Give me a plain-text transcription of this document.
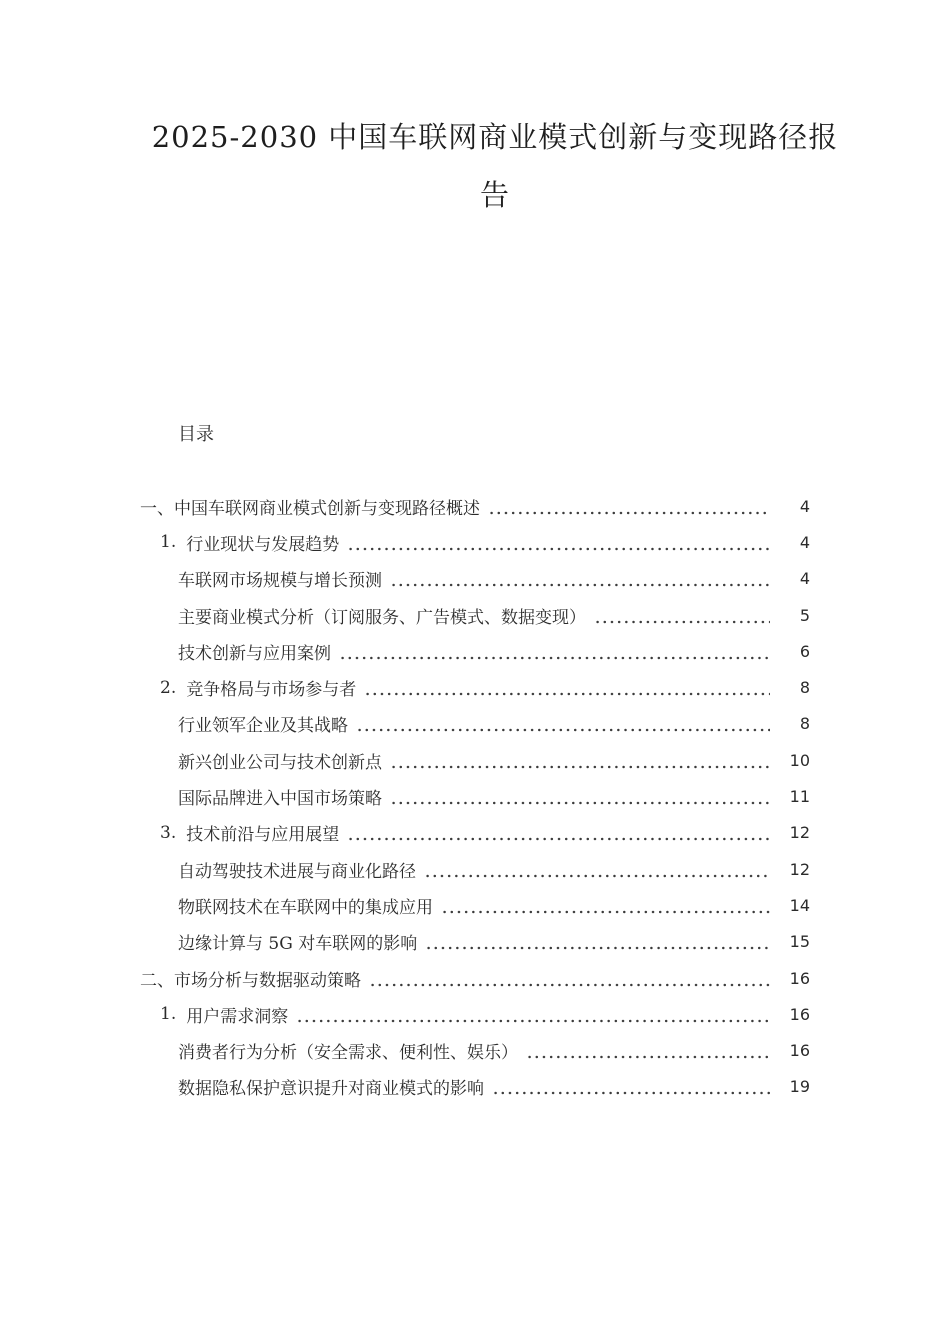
2025-2030 中国车联网商业模式创新与变现路径报
告
目录
一、 中国车联网商业模式创新与变现路径概述	4
1. 行业现状与发展趋势	4
车联网市场规模与增长预测	4
主要商业模式分析（订阅服务、广告模式、数据变现）	5
技术创新与应用案例	6
2. 竞争格局与市场参与者	8
行业领军企业及其战略	8
新兴创业公司与技术创新点	10
国际品牌进入中国市场策略	11
3. 技术前沿与应用展望	12
自动驾驶技术进展与商业化路径	12
物联网技术在车联网中的集成应用	14
边缘计算与 5G 对车联网的影响	15
二、 市场分析与数据驱动策略	16
1. 用户需求洞察	16
消费者行为分析（安全需求、便利性、娱乐）	16
数据隐私保护意识提升对商业模式的影响	19
